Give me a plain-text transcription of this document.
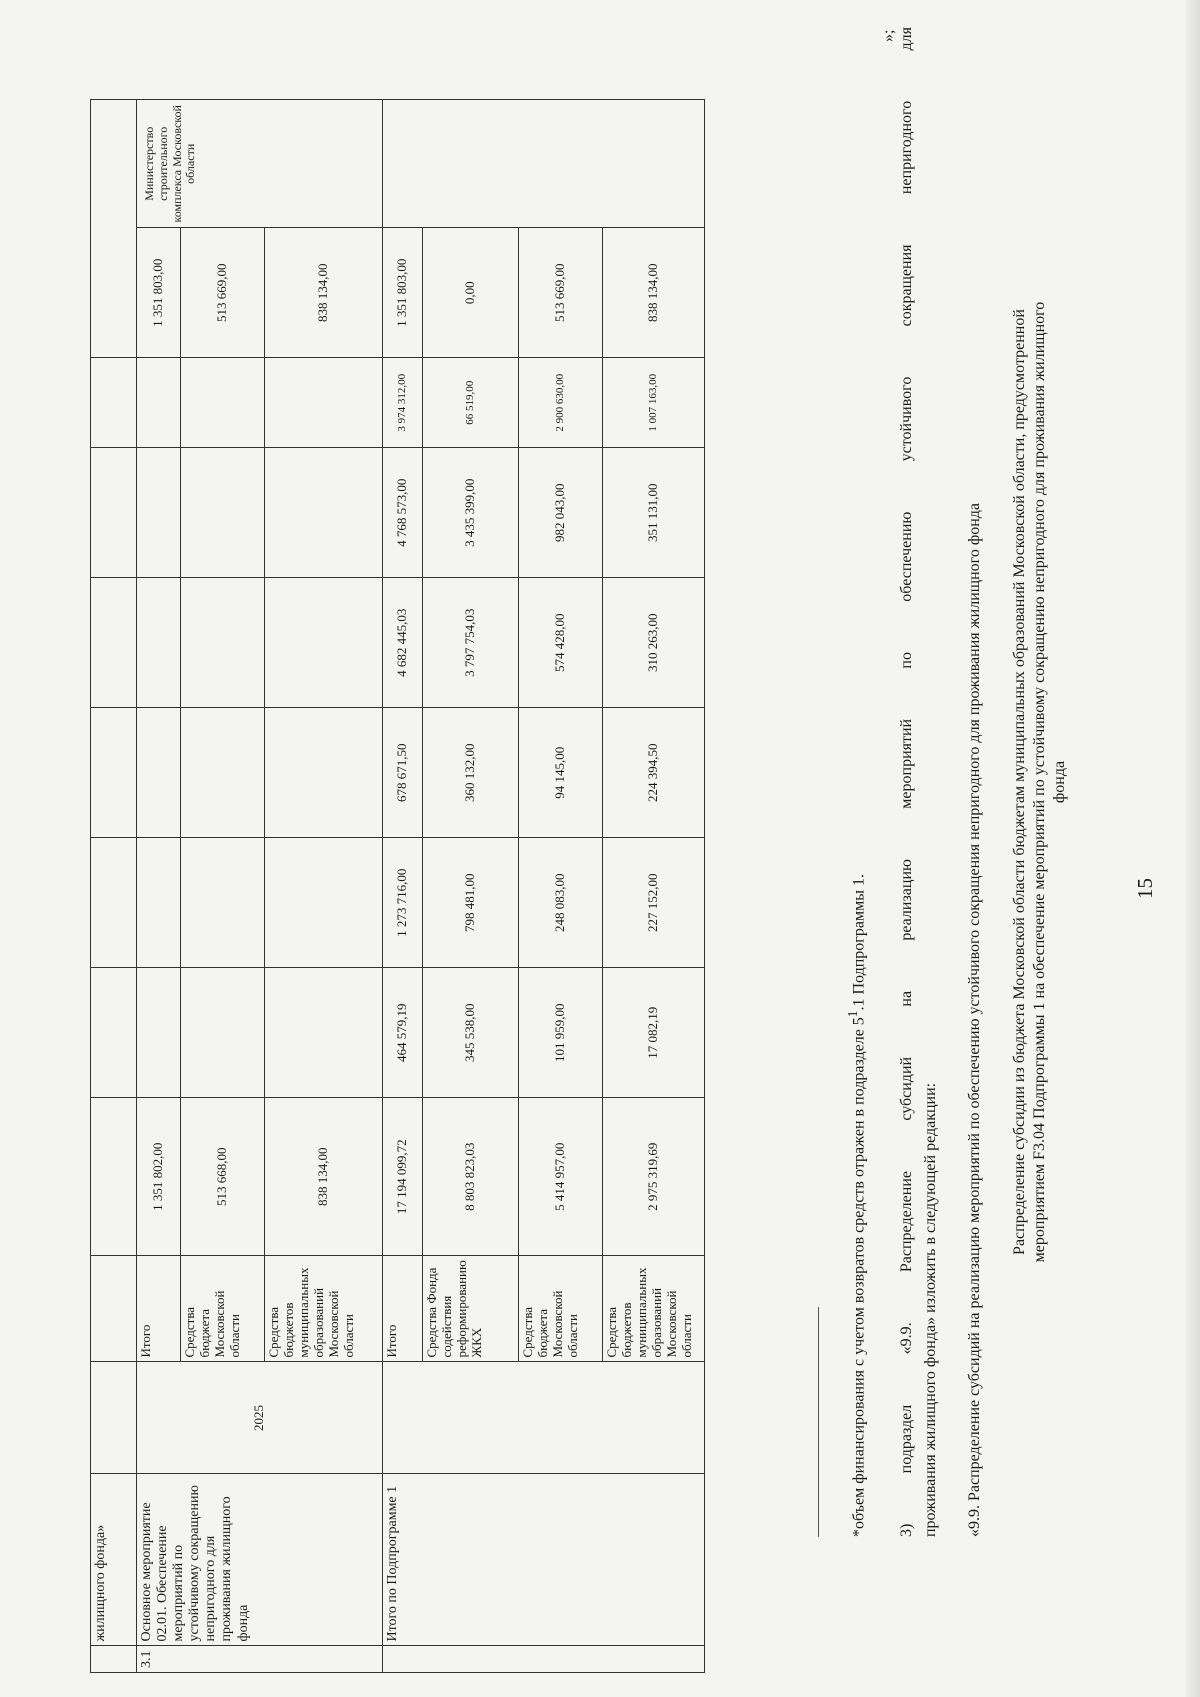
15
	жилищного фонда»											
3.1	Основное мероприятие 02.01. Обеспечение мероприятий по устойчивому сокращению непригодного для проживания жилищного фонда	2025	Итого	1 351 802,00							1 351 803,00	Министерство строительного комплекса Московской области
			Средства бюджета Московской области	513 668,00							513 669,00	
			Средства бюджетов муниципальных образований Московской области	838 134,00							838 134,00	
	Итого по Подпрограмме 1		Итого	17 194 099,72	464 579,19	1 273 716,00	678 671,50	4 682 445,03	4 768 573,00	3 974 312,00	1 351 803,00	
			Средства Фонда содействия реформированию ЖКХ	8 803 823,03	345 538,00	798 481,00	360 132,00	3 797 754,03	3 435 399,00	66 519,00	0,00	
			Средства бюджета Московской области	5 414 957,00	101 959,00	248 083,00	94 145,00	574 428,00	982 043,00	2 900 630,00	513 669,00	
			Средства бюджетов муниципальных образований Московской области	2 975 319,69	17 082,19	227 152,00	224 394,50	310 263,00	351 131,00	1 007 163,00	838 134,00	
*объем финансирования с учетом возвратов средств отражен в подразделе $5^1.1$ Подпрограммы 1.
»; 3) подраздел «9.9. Распределение субсидий на реализацию мероприятий по обеспечению устойчивого сокращения непригодного для проживания жилищного фонда» изложить в следующей редакции: «9.9. Распределение субсидий на реализацию мероприятий по обеспечению устойчивого сокращения непригодного для проживания жилищного фонда Распределение субсидии из бюджета Московской области бюджетам муниципальных образований Московской области, предусмотренной мероприятием F3.04 Подпрограммы 1 на обеспечение мероприятий по устойчивому сокращению непригодного для проживания жилищного фонда
